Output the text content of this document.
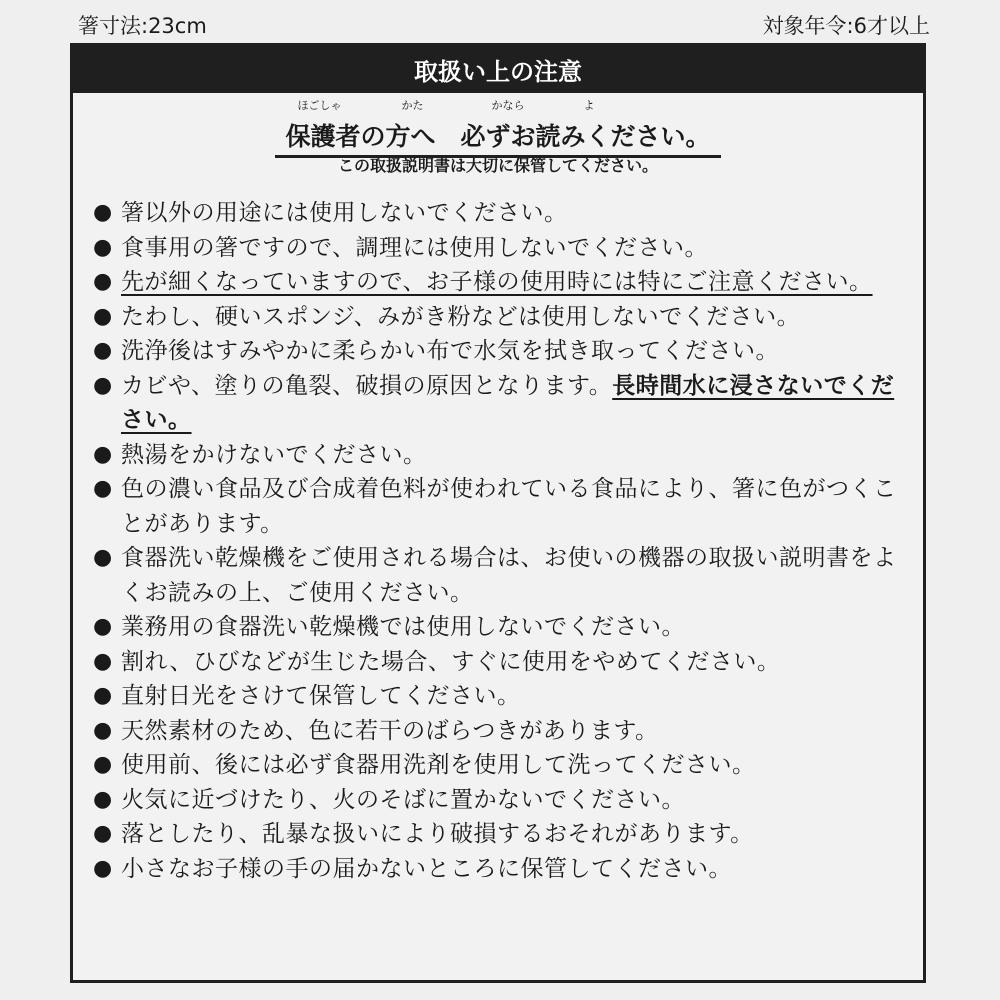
箸寸法:23cm	対象年令:6才以上
取扱い上の注意
ほごしゃ	かた	かなら	よ
保護者の方へ　必ずお読みください。
この取扱説明書は大切に保管してください。
● 箸以外の用途には使用しないでください。
● 食事用の箸ですので、調理には使用しないでください。
● 先が細くなっていますので、お子様の使用時には特にご注意ください。
● たわし、硬いスポンジ、みがき粉などは使用しないでください。
● 洗浄後はすみやかに柔らかい布で水気を拭き取ってください。
● カビや、塗りの亀裂、破損の原因となります。長時間水に浸さないでください。
● 熱湯をかけないでください。
● 色の濃い食品及び合成着色料が使われている食品により、箸に色がつくことがあります。
● 食器洗い乾燥機をご使用される場合は、お使いの機器の取扱い説明書をよくお読みの上、ご使用ください。
● 業務用の食器洗い乾燥機では使用しないでください。
● 割れ、ひびなどが生じた場合、すぐに使用をやめてください。
● 直射日光をさけて保管してください。
● 天然素材のため、色に若干のばらつきがあります。
● 使用前、後には必ず食器用洗剤を使用して洗ってください。
● 火気に近づけたり、火のそばに置かないでください。
● 落としたり、乱暴な扱いにより破損するおそれがあります。
● 小さなお子様の手の届かないところに保管してください。
